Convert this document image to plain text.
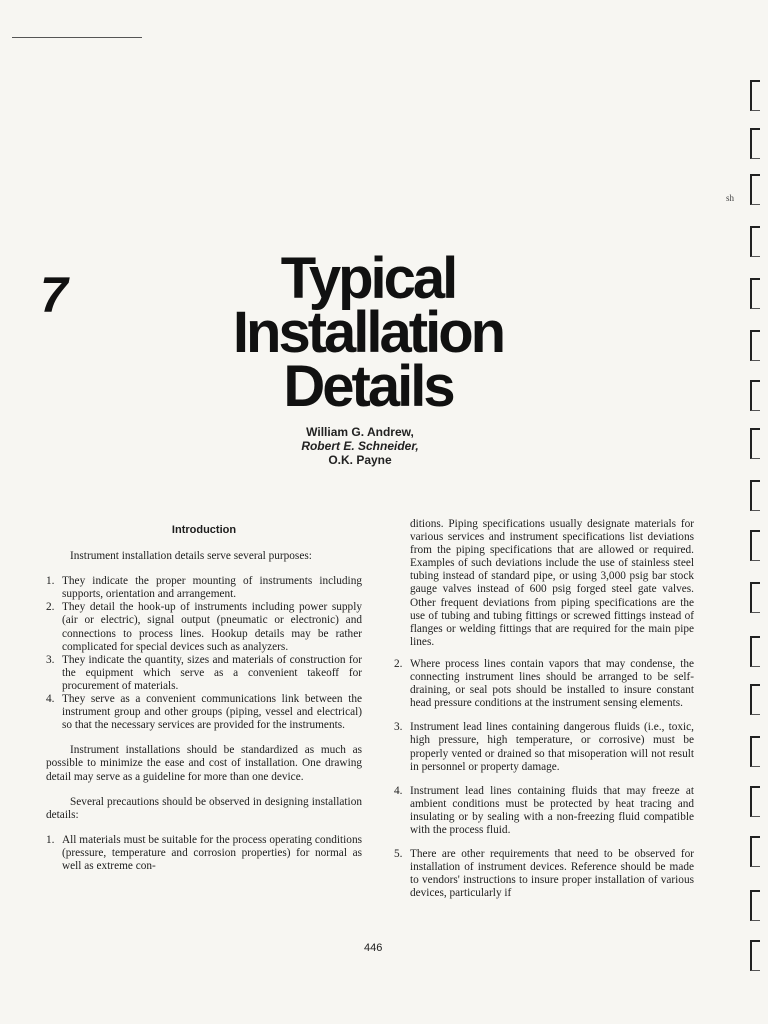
7	Typical
Installation
Details
William G. Andrew,
Robert E. Schneider,
O.K. Payne
Introduction

Instrument installation details serve several purposes:

1. They indicate the proper mounting of instruments including supports, orientation and arrangement.
2. They detail the hook-up of instruments including power supply (air or electric), signal output (pneumatic or electronic) and connections to process lines. Hookup details may be rather complicated for special devices such as analyzers.
3. They indicate the quantity, sizes and materials of construction for the equipment which serve as a convenient takeoff for procurement of materials.
4. They serve as a convenient communications link between the instrument group and other groups (piping, vessel and electrical) so that the necessary services are provided for the instruments.

Instrument installations should be standardized as much as possible to minimize the ease and cost of installation. One drawing detail may serve as a guideline for more than one device.

Several precautions should be observed in designing installation details:

1. All materials must be suitable for the process operating conditions (pressure, temperature and corrosion properties) for normal as well as extreme con-

ditions. Piping specifications usually designate materials for various services and instrument specifications list deviations from the piping specifications that are allowed or required. Examples of such deviations include the use of stainless steel tubing instead of standard pipe, or using 3,000 psig bar stock gauge valves instead of 600 psig forged steel gate valves. Other frequent deviations from piping specifications are the use of tubing and tubing fittings or screwed fittings instead of flanges or welding fittings that are required for the main pipe lines.

2. Where process lines contain vapors that may condense, the connecting instrument lines should be arranged to be self-draining, or seal pots should be installed to insure constant head pressure conditions at the instrument sensing elements.
3. Instrument lead lines containing dangerous fluids (i.e., toxic, high pressure, high temperature, or corrosive) must be properly vented or drained so that misoperation will not result in personnel or property damage.
4. Instrument lead lines containing fluids that may freeze at ambient conditions must be protected by heat tracing and insulating or by sealing with a non-freezing fluid compatible with the process fluid.
5. There are other requirements that need to be observed for installation of instrument devices. Reference should be made to vendors' instructions to insure proper installation of various devices, particularly if
446
sh
